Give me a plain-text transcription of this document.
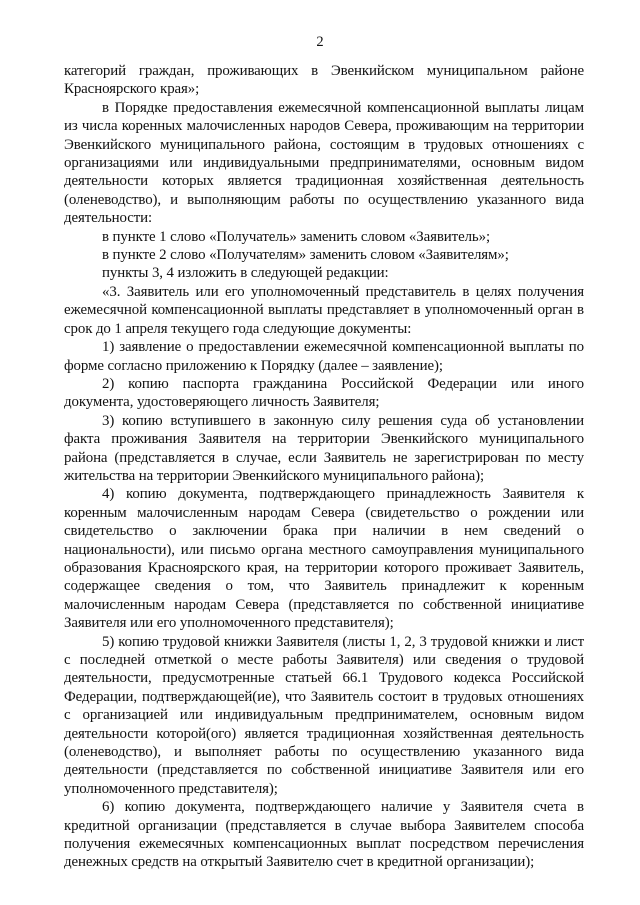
2

категорий граждан, проживающих в Эвенкийском муниципальном районе Красноярского края»;

в Порядке предоставления ежемесячной компенсационной выплаты лицам из числа коренных малочисленных народов Севера, проживающим на территории Эвенкийского муниципального района, состоящим в трудовых отношениях с организациями или индивидуальными предпринимателями, основным видом деятельности которых является традиционная хозяйственная деятельность (оленеводство), и выполняющим работы по осуществлению указанного вида деятельности:

в пункте 1 слово «Получатель» заменить словом «Заявитель»;

в пункте 2 слово «Получателям» заменить словом «Заявителям»;

пункты 3, 4 изложить в следующей редакции:

«3. Заявитель или его уполномоченный представитель в целях получения ежемесячной компенсационной выплаты представляет в уполномоченный орган в срок до 1 апреля текущего года следующие документы:

1) заявление о предоставлении ежемесячной компенсационной выплаты по форме согласно приложению к Порядку (далее – заявление);

2) копию паспорта гражданина Российской Федерации или иного документа, удостоверяющего личность Заявителя;

3) копию вступившего в законную силу решения суда об установлении факта проживания Заявителя на территории Эвенкийского муниципального района (представляется в случае, если Заявитель не зарегистрирован по месту жительства на территории Эвенкийского муниципального района);

4) копию документа, подтверждающего принадлежность Заявителя к коренным малочисленным народам Севера (свидетельство о рождении или свидетельство о заключении брака при наличии в нем сведений о национальности), или письмо органа местного самоуправления муниципального образования Красноярского края, на территории которого проживает Заявитель, содержащее сведения о том, что Заявитель принадлежит к коренным малочисленным народам Севера (представляется по собственной инициативе Заявителя или его уполномоченного представителя);

5) копию трудовой книжки Заявителя (листы 1, 2, 3 трудовой книжки и лист с последней отметкой о месте работы Заявителя) или сведения о трудовой деятельности, предусмотренные статьей 66.1 Трудового кодекса Российской Федерации, подтверждающей(ие), что Заявитель состоит в трудовых отношениях с организацией или индивидуальным предпринимателем, основным видом деятельности которой(ого) является традиционная хозяйственная деятельность (оленеводство), и выполняет работы по осуществлению указанного вида деятельности (представляется по собственной инициативе Заявителя или его уполномоченного представителя);

6) копию документа, подтверждающего наличие у Заявителя счета в кредитной организации (представляется в случае выбора Заявителем способа получения ежемесячных компенсационных выплат посредством перечисления денежных средств на открытый Заявителю счет в кредитной организации);
